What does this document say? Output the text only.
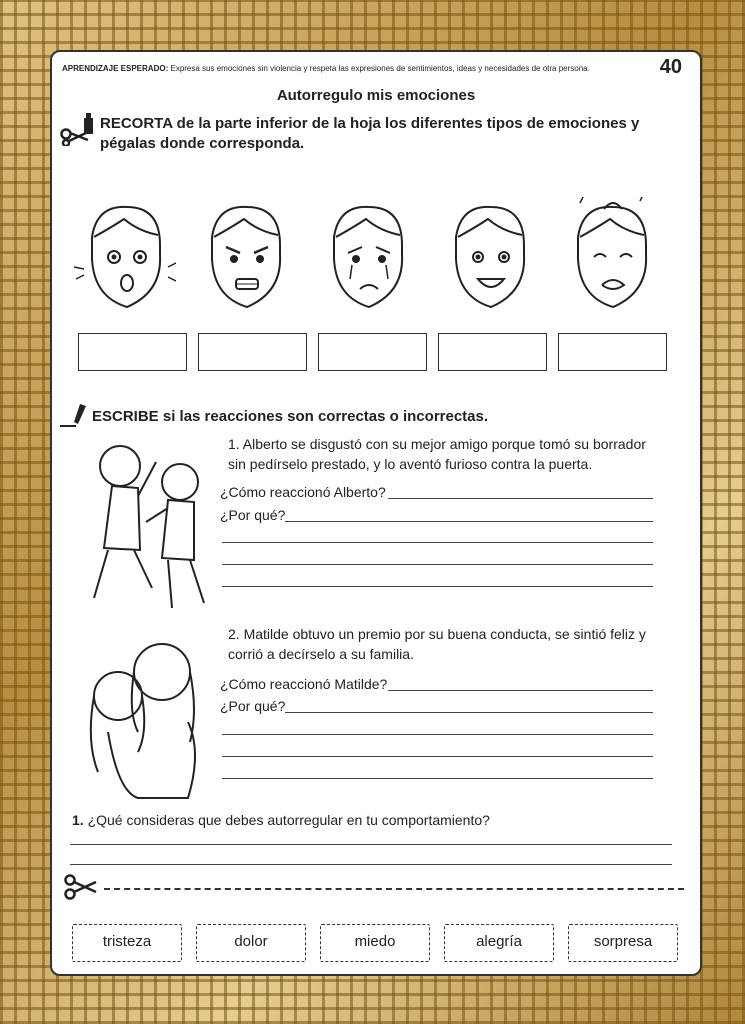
APRENDIZAJE ESPERADO: Expresa sus emociones sin violencia y respeta las expresiones de sentimientos, ideas y necesidades de otra persona.	40
Autorregulo mis emociones
RECORTA de la parte inferior de la hoja los diferentes tipos de emociones y pégalas donde corresponda.
ESCRIBE si las reacciones son correctas o incorrectas.
1. Alberto se disgustó con su mejor amigo porque tomó su borrador sin pedírselo prestado, y lo aventó furioso contra la puerta.
¿Cómo reaccionó Alberto?
¿Por qué?
2. Matilde obtuvo un premio por su buena conducta, se sintió feliz y corrió a decírselo a su familia.
¿Cómo reaccionó Matilde?
¿Por qué?
1. ¿Qué consideras que debes autorregular en tu comportamiento?
tristeza	dolor	miedo	alegría	sorpresa
